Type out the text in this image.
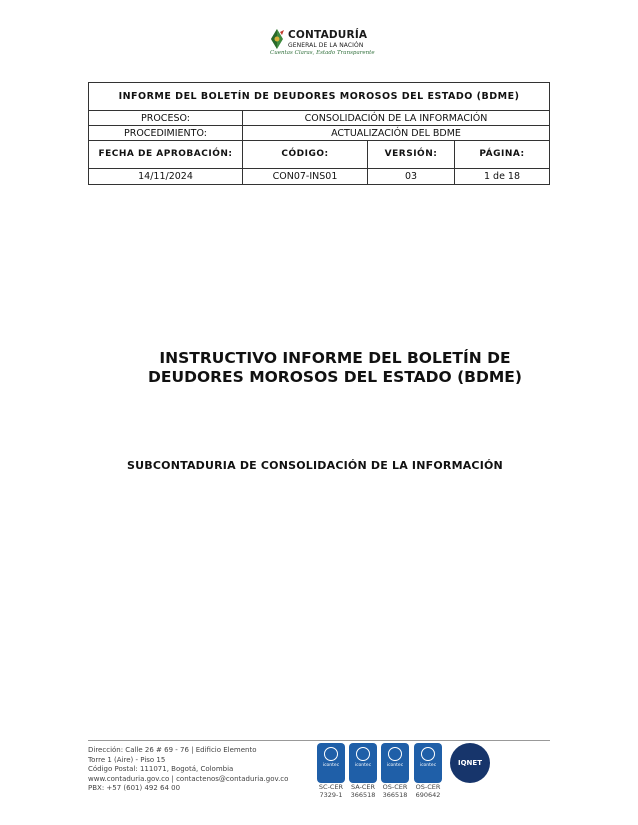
CONTADURÍA
GENERAL DE LA NACIÓN
Cuentas Claras, Estado Transparente
INFORME DEL BOLETÍN DE DEUDORES MOROSOS DEL ESTADO (BDME)			
PROCESO:	CONSOLIDACIÓN DE LA INFORMACIÓN		
PROCEDIMIENTO:	ACTUALIZACIÓN DEL BDME		
FECHA DE APROBACIÓN:	CÓDIGO:	VERSIÓN:	PÁGINA:
14/11/2024	CON07-INS01	03	1 de 18
INSTRUCTIVO INFORME DEL BOLETÍN DE
DEUDORES MOROSOS DEL ESTADO (BDME)
SUBCONTADURIA DE CONSOLIDACIÓN DE LA INFORMACIÓN
Dirección: Calle 26 # 69 - 76 | Edificio Elemento
Torre 1 (Aire) - Piso 15
Código Postal: 111071, Bogotá, Colombia
www.contaduria.gov.co | contactenos@contaduria.gov.co
PBX: +57 (601) 492 64 00
icontec
SC-CER 7329-1
icontec
SA-CER 366518
icontec
OS-CER 366518
icontec
OS-CER 690642
IQNET
